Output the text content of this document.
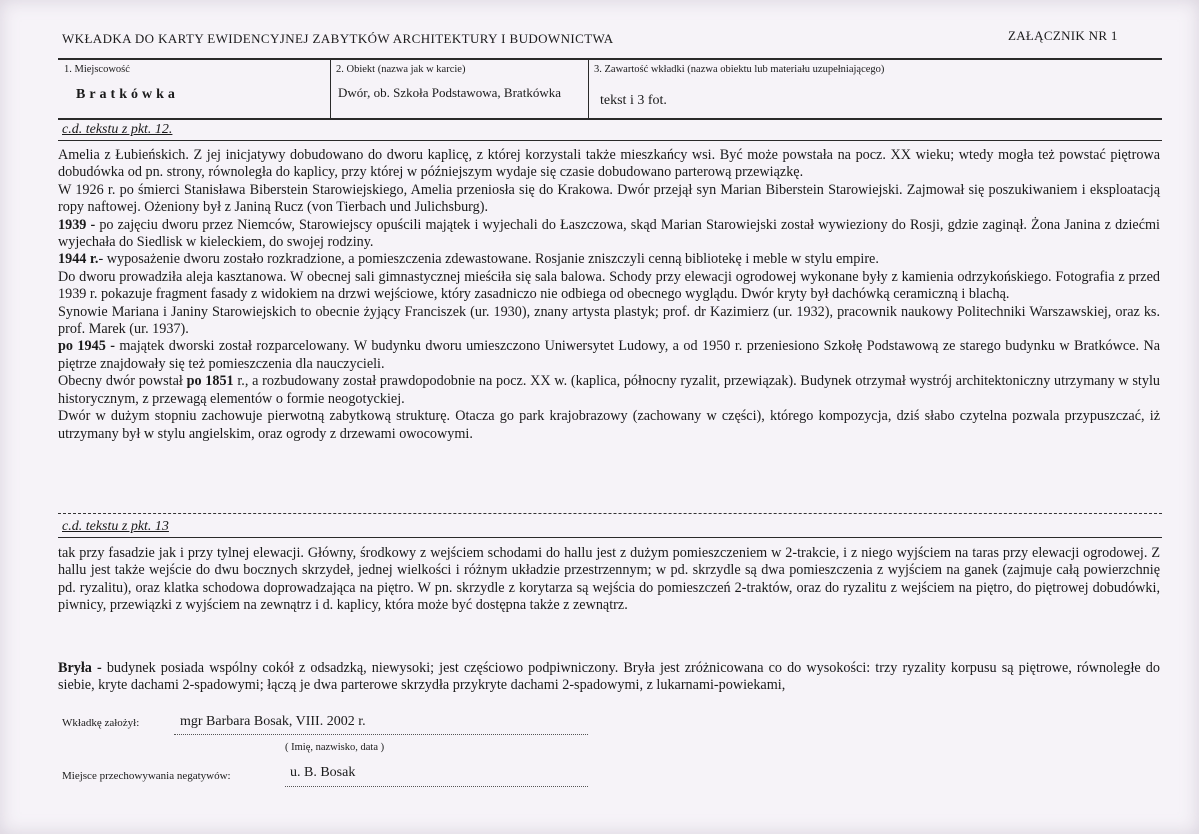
WKŁADKA DO KARTY EWIDENCYJNEJ ZABYTKÓW ARCHITEKTURY I BUDOWNICTWA	ZAŁĄCZNIK NR 1
1. Miejscowość
Bratkówka
2. Obiekt (nazwa jak w karcie)
Dwór, ob. Szkoła Podstawowa, Bratkówka
3. Zawartość wkładki (nazwa obiektu lub materiału uzupełniającego)
tekst i 3 fot.
c.d. tekstu z pkt. 12.

Amelia z Łubieńskich. Z jej inicjatywy dobudowano do dworu kaplicę, z której korzystali także mieszkańcy wsi. Być może powstała na pocz. XX wieku; wtedy mogła też powstać piętrowa dobudówka od pn. strony, równoległa do kaplicy, przy której w późniejszym wydaje się czasie dobudowano parterową przewiązkę.

W 1926 r. po śmierci Stanisława Biberstein Starowiejskiego, Amelia przeniosła się do Krakowa. Dwór przejął syn Marian Biberstein Starowiejski. Zajmował się poszukiwaniem i eksploatacją ropy naftowej. Ożeniony był z Janiną Rucz (von Tierbach und Julichsburg).

1939 - po zajęciu dworu przez Niemców, Starowiejscy opuścili majątek i wyjechali do Łaszczowa, skąd Marian Starowiejski został wywieziony do Rosji, gdzie zaginął. Żona Janina z dziećmi wyjechała do Siedlisk w kieleckiem, do swojej rodziny.

1944 r.- wyposażenie dworu zostało rozkradzione, a pomieszczenia zdewastowane. Rosjanie zniszczyli cenną bibliotekę i meble w stylu empire.

Do dworu prowadziła aleja kasztanowa. W obecnej sali gimnastycznej mieściła się sala balowa. Schody przy elewacji ogrodowej wykonane były z kamienia odrzykońskiego. Fotografia z przed 1939 r. pokazuje fragment fasady z widokiem na drzwi wejściowe, który zasadniczo nie odbiega od obecnego wyglądu. Dwór kryty był dachówką ceramiczną i blachą.

Synowie Mariana i Janiny Starowiejskich to obecnie żyjący Franciszek (ur. 1930), znany artysta plastyk; prof. dr Kazimierz (ur. 1932), pracownik naukowy Politechniki Warszawskiej, oraz ks. prof. Marek (ur. 1937).

po 1945 - majątek dworski został rozparcelowany. W budynku dworu umieszczono Uniwersytet Ludowy, a od 1950 r. przeniesiono Szkołę Podstawową ze starego budynku w Bratkówce. Na piętrze znajdowały się też pomieszczenia dla nauczycieli.

Obecny dwór powstał po 1851 r., a rozbudowany został prawdopodobnie na pocz. XX w. (kaplica, północny ryzalit, przewiązak). Budynek otrzymał wystrój architektoniczny utrzymany w stylu historycznym, z przewagą elementów o formie neogotyckiej.

Dwór w dużym stopniu zachowuje pierwotną zabytkową strukturę. Otacza go park krajobrazowy (zachowany w części), którego kompozycja, dziś słabo czytelna pozwala przypuszczać, iż utrzymany był w stylu angielskim, oraz ogrody z drzewami owocowymi.

c.d. tekstu z pkt. 13

tak przy fasadzie jak i przy tylnej elewacji. Główny, środkowy z wejściem schodami do hallu jest z dużym pomieszczeniem w 2-trakcie, i z niego wyjściem na taras przy elewacji ogrodowej. Z hallu jest także wejście do dwu bocznych skrzydeł, jednej wielkości i różnym układzie przestrzennym; w pd. skrzydle są dwa pomieszczenia z wyjściem na ganek (zajmuje całą powierzchnię pd. ryzalitu), oraz klatka schodowa doprowadzająca na piętro. W pn. skrzydle z korytarza są wejścia do pomieszczeń 2-traktów, oraz do ryzalitu z wejściem na piętro, do piętrowej dobudówki, piwnicy, przewiązki z wyjściem na zewnątrz i d. kaplicy, która może być dostępna także z zewnątrz.

Bryła - budynek posiada wspólny cokół z odsadzką, niewysoki; jest częściowo podpiwniczony. Bryła jest zróżnicowana co do wysokości: trzy ryzality korpusu są piętrowe, równoległe do siebie, kryte dachami 2-spadowymi; łączą je dwa parterowe skrzydła przykryte dachami 2-spadowymi, z lukarnami-powiekami,

Wkładkę założył:	mgr Barbara Bosak, VIII. 2002 r.
( Imię, nazwisko, data )
Miejsce przechowywania negatywów:	u. B. Bosak
